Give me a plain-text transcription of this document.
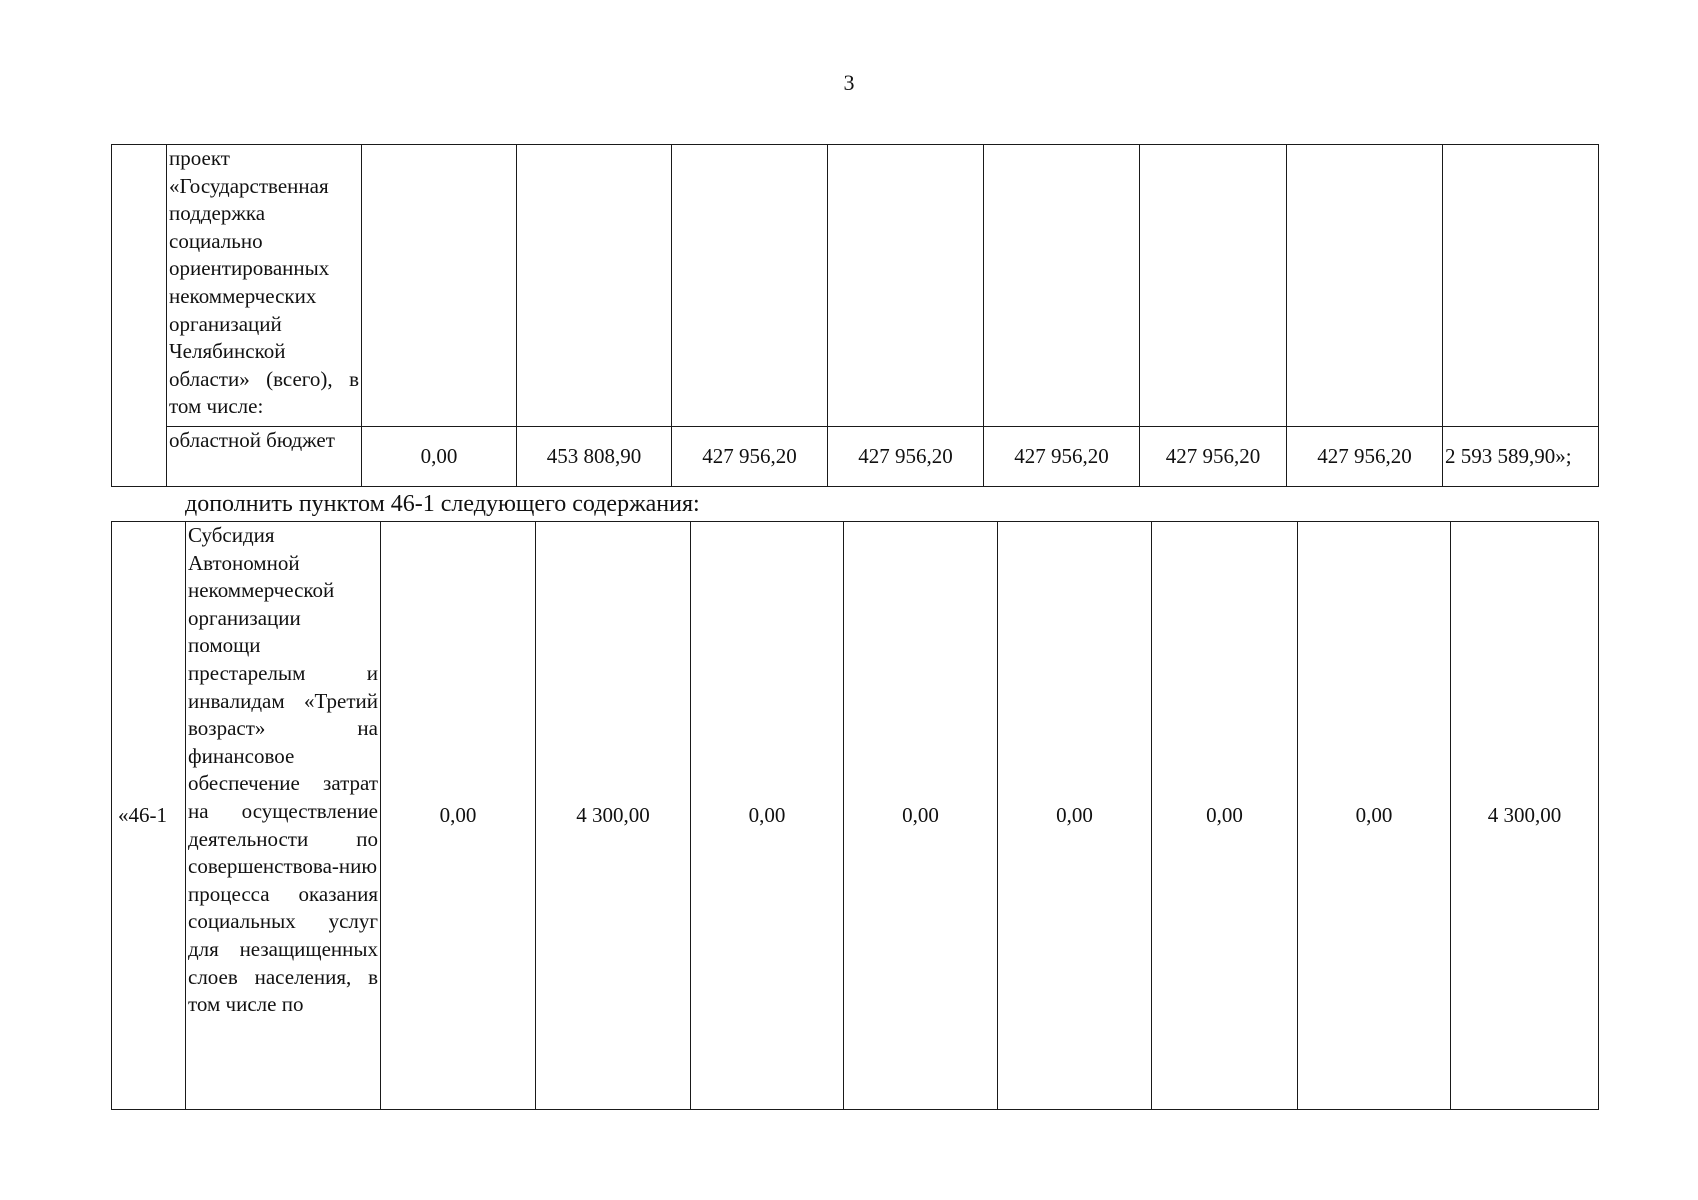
3
	проект «Государственная поддержка социально ориентированных некоммерческих организаций Челябинской области» (всего), в том числе:								
	областной бюджет	0,00	453 808,90	427 956,20	427 956,20	427 956,20	427 956,20	427 956,20	2 593 589,90»;
дополнить пунктом 46-1 следующего содержания:
«46-1	Субсидия Автономной некоммерческой организации помощи престарелым и инвалидам «Третий возраст» на финансовое обеспечение затрат на осуществление деятельности по совершенствова-нию процесса оказания социальных услуг для незащищенных слоев населения, в том числе по	0,00	4 300,00	0,00	0,00	0,00	0,00	0,00	4 300,00
